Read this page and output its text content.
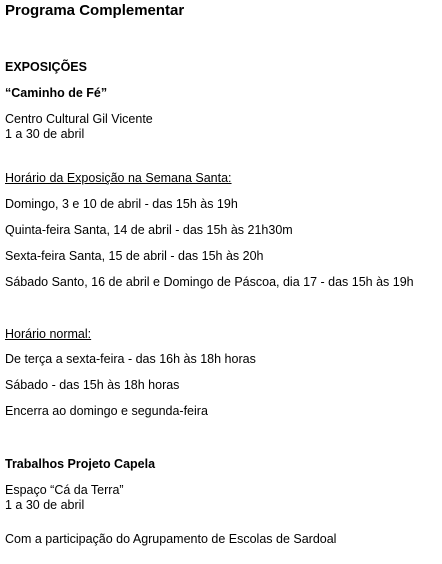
Programa Complementar
EXPOSIÇÕES
“Caminho de Fé”
Centro Cultural Gil Vicente
1 a 30 de abril
Horário da Exposição na Semana Santa:
Domingo, 3 e 10 de abril - das 15h às 19h
Quinta-feira Santa, 14 de abril - das 15h às 21h30m
Sexta-feira Santa, 15 de abril - das 15h às 20h
Sábado Santo, 16 de abril e Domingo de Páscoa, dia 17 - das 15h às 19h
Horário normal:
De terça a sexta-feira - das 16h às 18h horas
Sábado - das 15h às 18h horas
Encerra ao domingo e segunda-feira
Trabalhos Projeto Capela
Espaço “Cá da Terra”
1 a 30 de abril
Com a participação do Agrupamento de Escolas de Sardoal
